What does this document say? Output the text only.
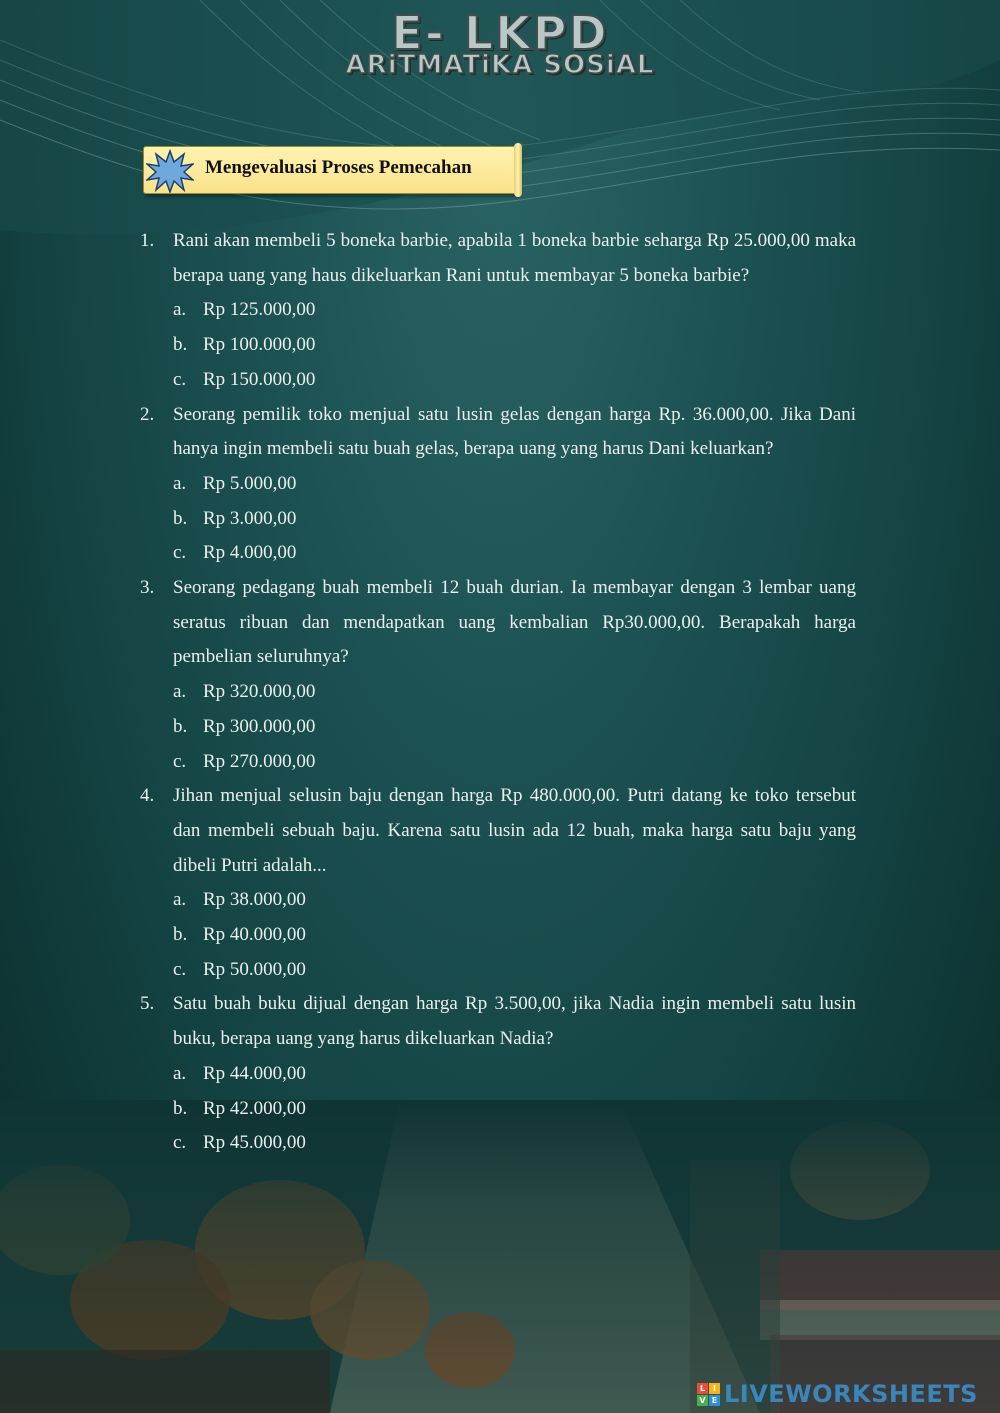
E- LKPD
ARiTMATiKA SOSiAL
Mengevaluasi Proses Pemecahan
1. Rani akan membeli 5 boneka barbie, apabila 1 boneka barbie seharga Rp 25.000,00 maka berapa uang yang haus dikeluarkan Rani untuk membayar 5 boneka barbie?
a. Rp 125.000,00
b. Rp 100.000,00
c. Rp 150.000,00
2. Seorang pemilik toko menjual satu lusin gelas dengan harga Rp. 36.000,00. Jika Dani hanya ingin membeli satu buah gelas, berapa uang yang harus Dani keluarkan?
a. Rp 5.000,00
b. Rp 3.000,00
c. Rp 4.000,00
3. Seorang pedagang buah membeli 12 buah durian. Ia membayar dengan 3 lembar uang seratus ribuan dan mendapatkan uang kembalian Rp30.000,00. Berapakah harga pembelian seluruhnya?
a. Rp 320.000,00
b. Rp 300.000,00
c. Rp 270.000,00
4. Jihan menjual selusin baju dengan harga Rp 480.000,00. Putri datang ke toko tersebut dan membeli sebuah baju. Karena satu lusin ada 12 buah, maka harga satu baju yang dibeli Putri adalah...
a. Rp 38.000,00
b. Rp 40.000,00
c. Rp 50.000,00
5. Satu buah buku dijual dengan harga Rp 3.500,00, jika Nadia ingin membeli satu lusin buku, berapa uang yang harus dikeluarkan Nadia?
a. Rp 44.000,00
b. Rp 42.000,00
c. Rp 45.000,00
L I
V E LIVEWORKSHEETS
